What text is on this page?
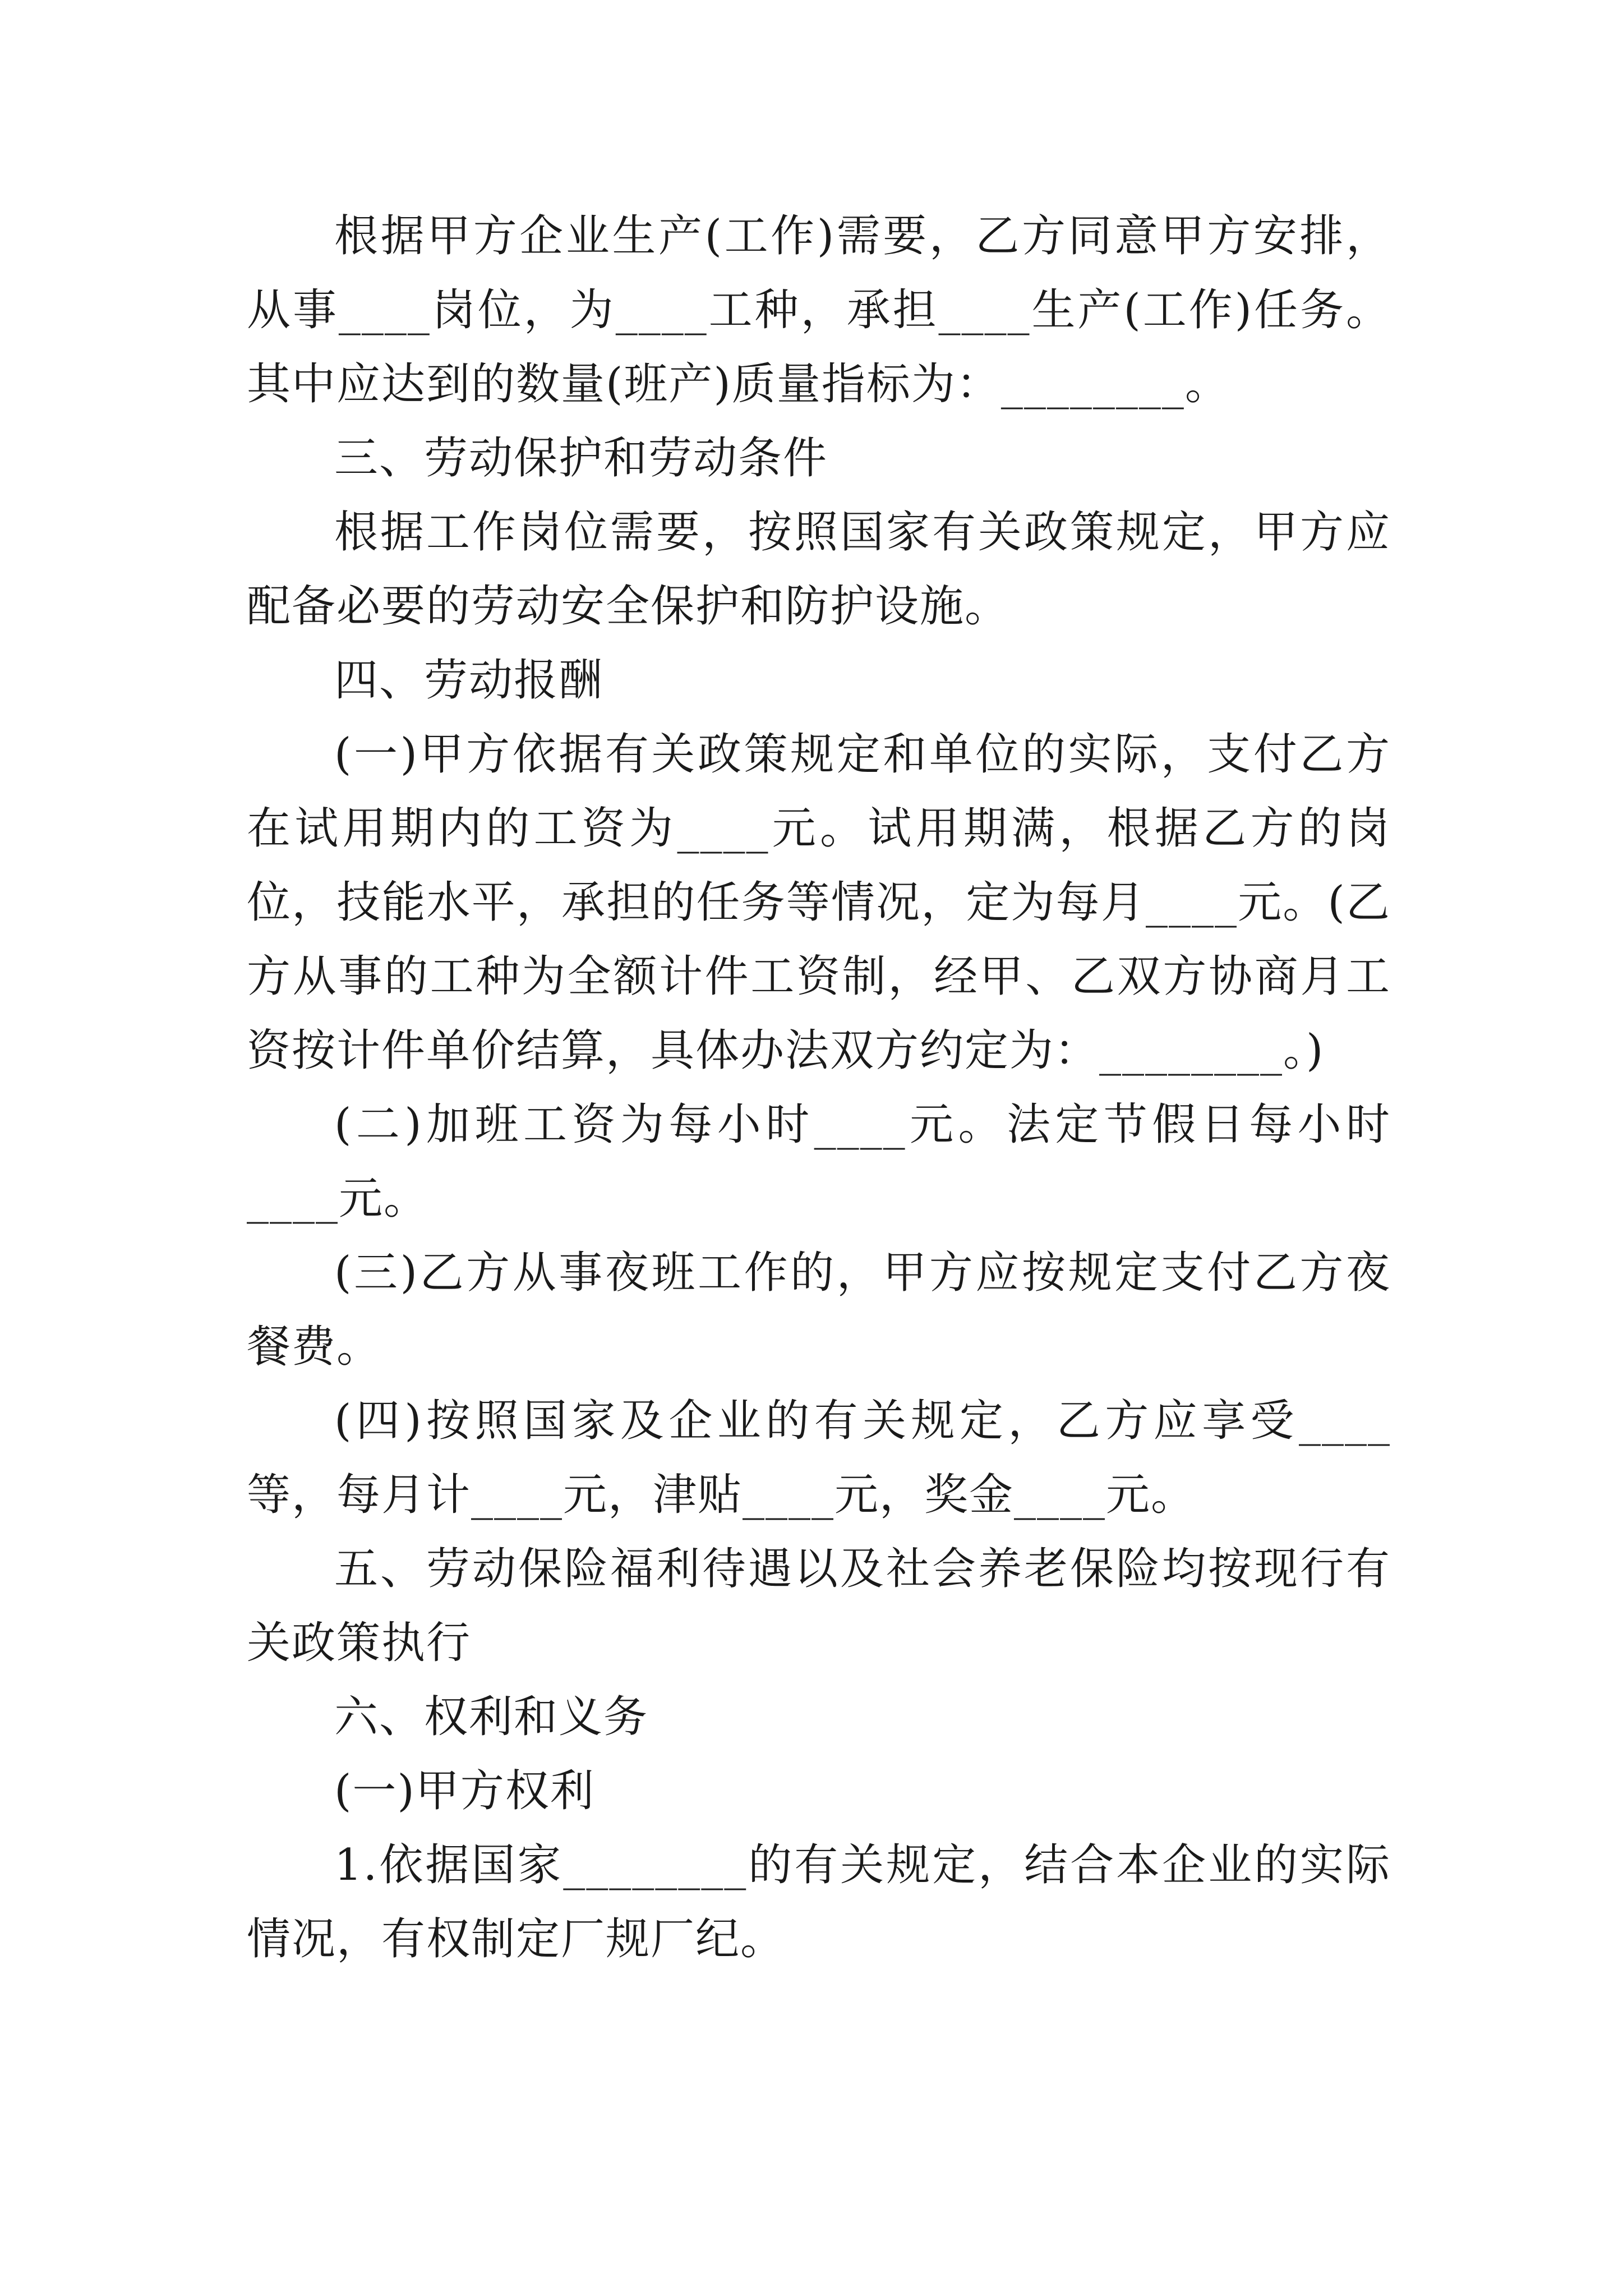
根据甲方企业生产(工作)需要，乙方同意甲方安排，从事____岗位，为____工种，承担____生产(工作)任务。其中应达到的数量(班产)质量指标为：________。

三、劳动保护和劳动条件

根据工作岗位需要，按照国家有关政策规定，甲方应配备必要的劳动安全保护和防护设施。

四、劳动报酬

(一)甲方依据有关政策规定和单位的实际，支付乙方在试用期内的工资为____元。试用期满，根据乙方的岗位，技能水平，承担的任务等情况，定为每月____元。(乙方从事的工种为全额计件工资制，经甲、乙双方协商月工资按计件单价结算，具体办法双方约定为：________。)

(二)加班工资为每小时____元。法定节假日每小时____元。

(三)乙方从事夜班工作的，甲方应按规定支付乙方夜餐费。

(四)按照国家及企业的有关规定，乙方应享受____等，每月计____元，津贴____元，奖金____元。

五、劳动保险福利待遇以及社会养老保险均按现行有关政策执行

六、权利和义务

(一)甲方权利

1.依据国家________的有关规定，结合本企业的实际情况，有权制定厂规厂纪。
